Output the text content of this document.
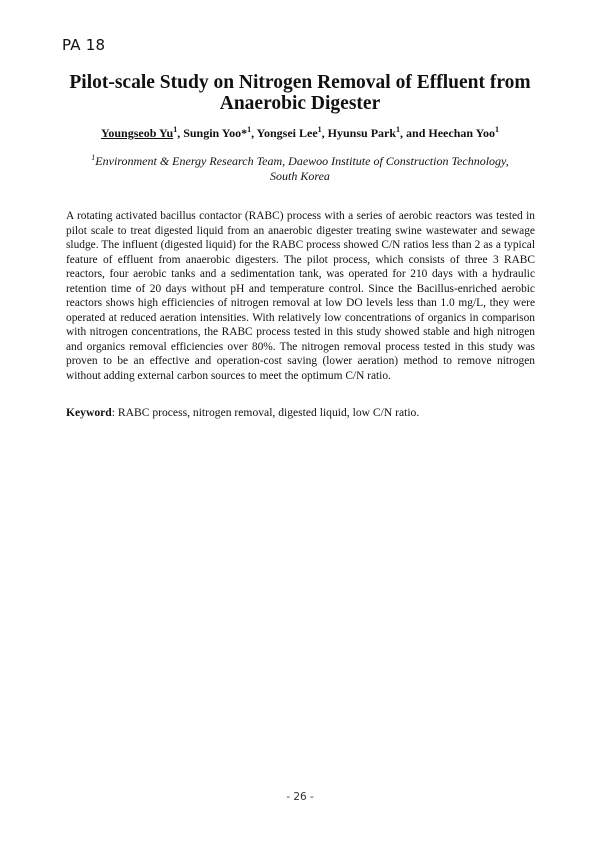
PA 18
Pilot-scale Study on Nitrogen Removal of Effluent from
Anaerobic Digester
Youngseob Yu$^1$, Sungin Yoo*$^1$, Yongsei Lee$^1$, Hyunsu Park$^1$, and Heechan Yoo$^1$
$^1$Environment & Energy Research Team, Daewoo Institute of Construction Technology,
South Korea

A rotating activated bacillus contactor (RABC) process with a series of aerobic reactors was tested in pilot scale to treat digested liquid from an anaerobic digester treating swine wastewater and sewage sludge. The influent (digested liquid) for the RABC process showed C/N ratios less than 2 as a typical feature of effluent from anaerobic digesters. The pilot process, which consists of three 3 RABC reactors, four aerobic tanks and a sedimentation tank, was operated for 210 days with a hydraulic retention time of 20 days without pH and temperature control. Since the Bacillus-enriched aerobic reactors shows high efficiencies of nitrogen removal at low DO levels less than 1.0 mg/L, they were operated at reduced aeration intensities. With relatively low concentrations of organics in comparison with nitrogen concentrations, the RABC process tested in this study showed stable and high nitrogen and organics removal efficiencies over 80%. The nitrogen removal process tested in this study was proven to be an effective and operation-cost saving (lower aeration) method to remove nitrogen without adding external carbon sources to meet the optimum C/N ratio.

Keyword: RABC process, nitrogen removal, digested liquid, low C/N ratio.
- 26 -
